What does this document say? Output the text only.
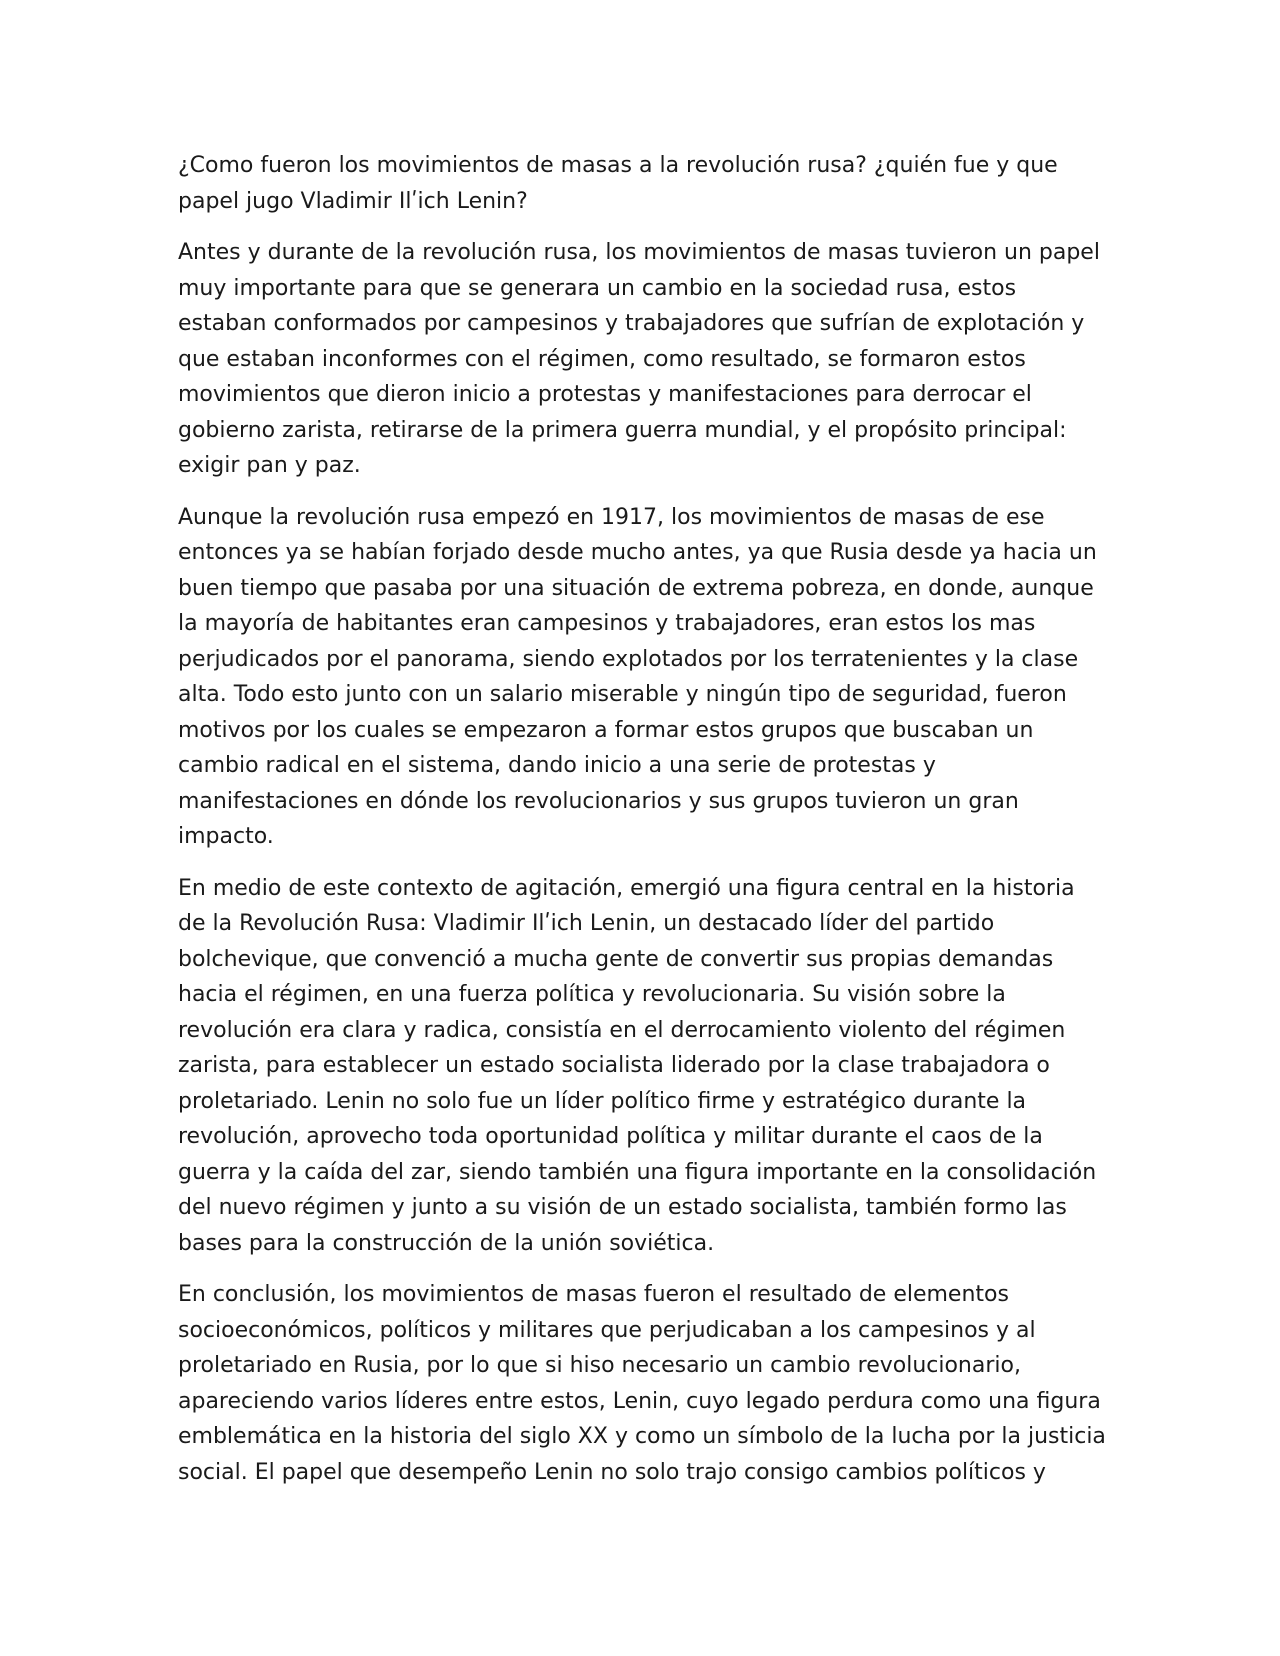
¿Como fueron los movimientos de masas a la revolución rusa? ¿quién fue y que papel jugo Vladimir Ilʹich Lenin?

Antes y durante de la revolución rusa, los movimientos de masas tuvieron un papel muy importante para que se generara un cambio en la sociedad rusa, estos estaban conformados por campesinos y trabajadores que sufrían de explotación y que estaban inconformes con el régimen, como resultado, se formaron estos movimientos que dieron inicio a protestas y manifestaciones para derrocar el gobierno zarista, retirarse de la primera guerra mundial, y el propósito principal: exigir pan y paz.

Aunque la revolución rusa empezó en 1917, los movimientos de masas de ese entonces ya se habían forjado desde mucho antes, ya que Rusia desde ya hacia un buen tiempo que pasaba por una situación de extrema pobreza, en donde, aunque la mayoría de habitantes eran campesinos y trabajadores, eran estos los mas perjudicados por el panorama, siendo explotados por los terratenientes y la clase alta. Todo esto junto con un salario miserable y ningún tipo de seguridad, fueron motivos por los cuales se empezaron a formar estos grupos que buscaban un cambio radical en el sistema, dando inicio a una serie de protestas y manifestaciones en dónde los revolucionarios y sus grupos tuvieron un gran impacto.

En medio de este contexto de agitación, emergió una figura central en la historia de la Revolución Rusa: Vladimir Ilʹich Lenin, un destacado líder del partido bolchevique, que convenció a mucha gente de convertir sus propias demandas hacia el régimen, en una fuerza política y revolucionaria. Su visión sobre la revolución era clara y radica, consistía en el derrocamiento violento del régimen zarista, para establecer un estado socialista liderado por la clase trabajadora o proletariado. Lenin no solo fue un líder político firme y estratégico durante la revolución, aprovecho toda oportunidad política y militar durante el caos de la guerra y la caída del zar, siendo también una figura importante en la consolidación del nuevo régimen y junto a su visión de un estado socialista, también formo las bases para la construcción de la unión soviética.

En conclusión, los movimientos de masas fueron el resultado de elementos socioeconómicos, políticos y militares que perjudicaban a los campesinos y al proletariado en Rusia, por lo que si hiso necesario un cambio revolucionario, apareciendo varios líderes entre estos, Lenin, cuyo legado perdura como una figura emblemática en la historia del siglo XX y como un símbolo de la lucha por la justicia social. El papel que desempeño Lenin no solo trajo consigo cambios políticos y
